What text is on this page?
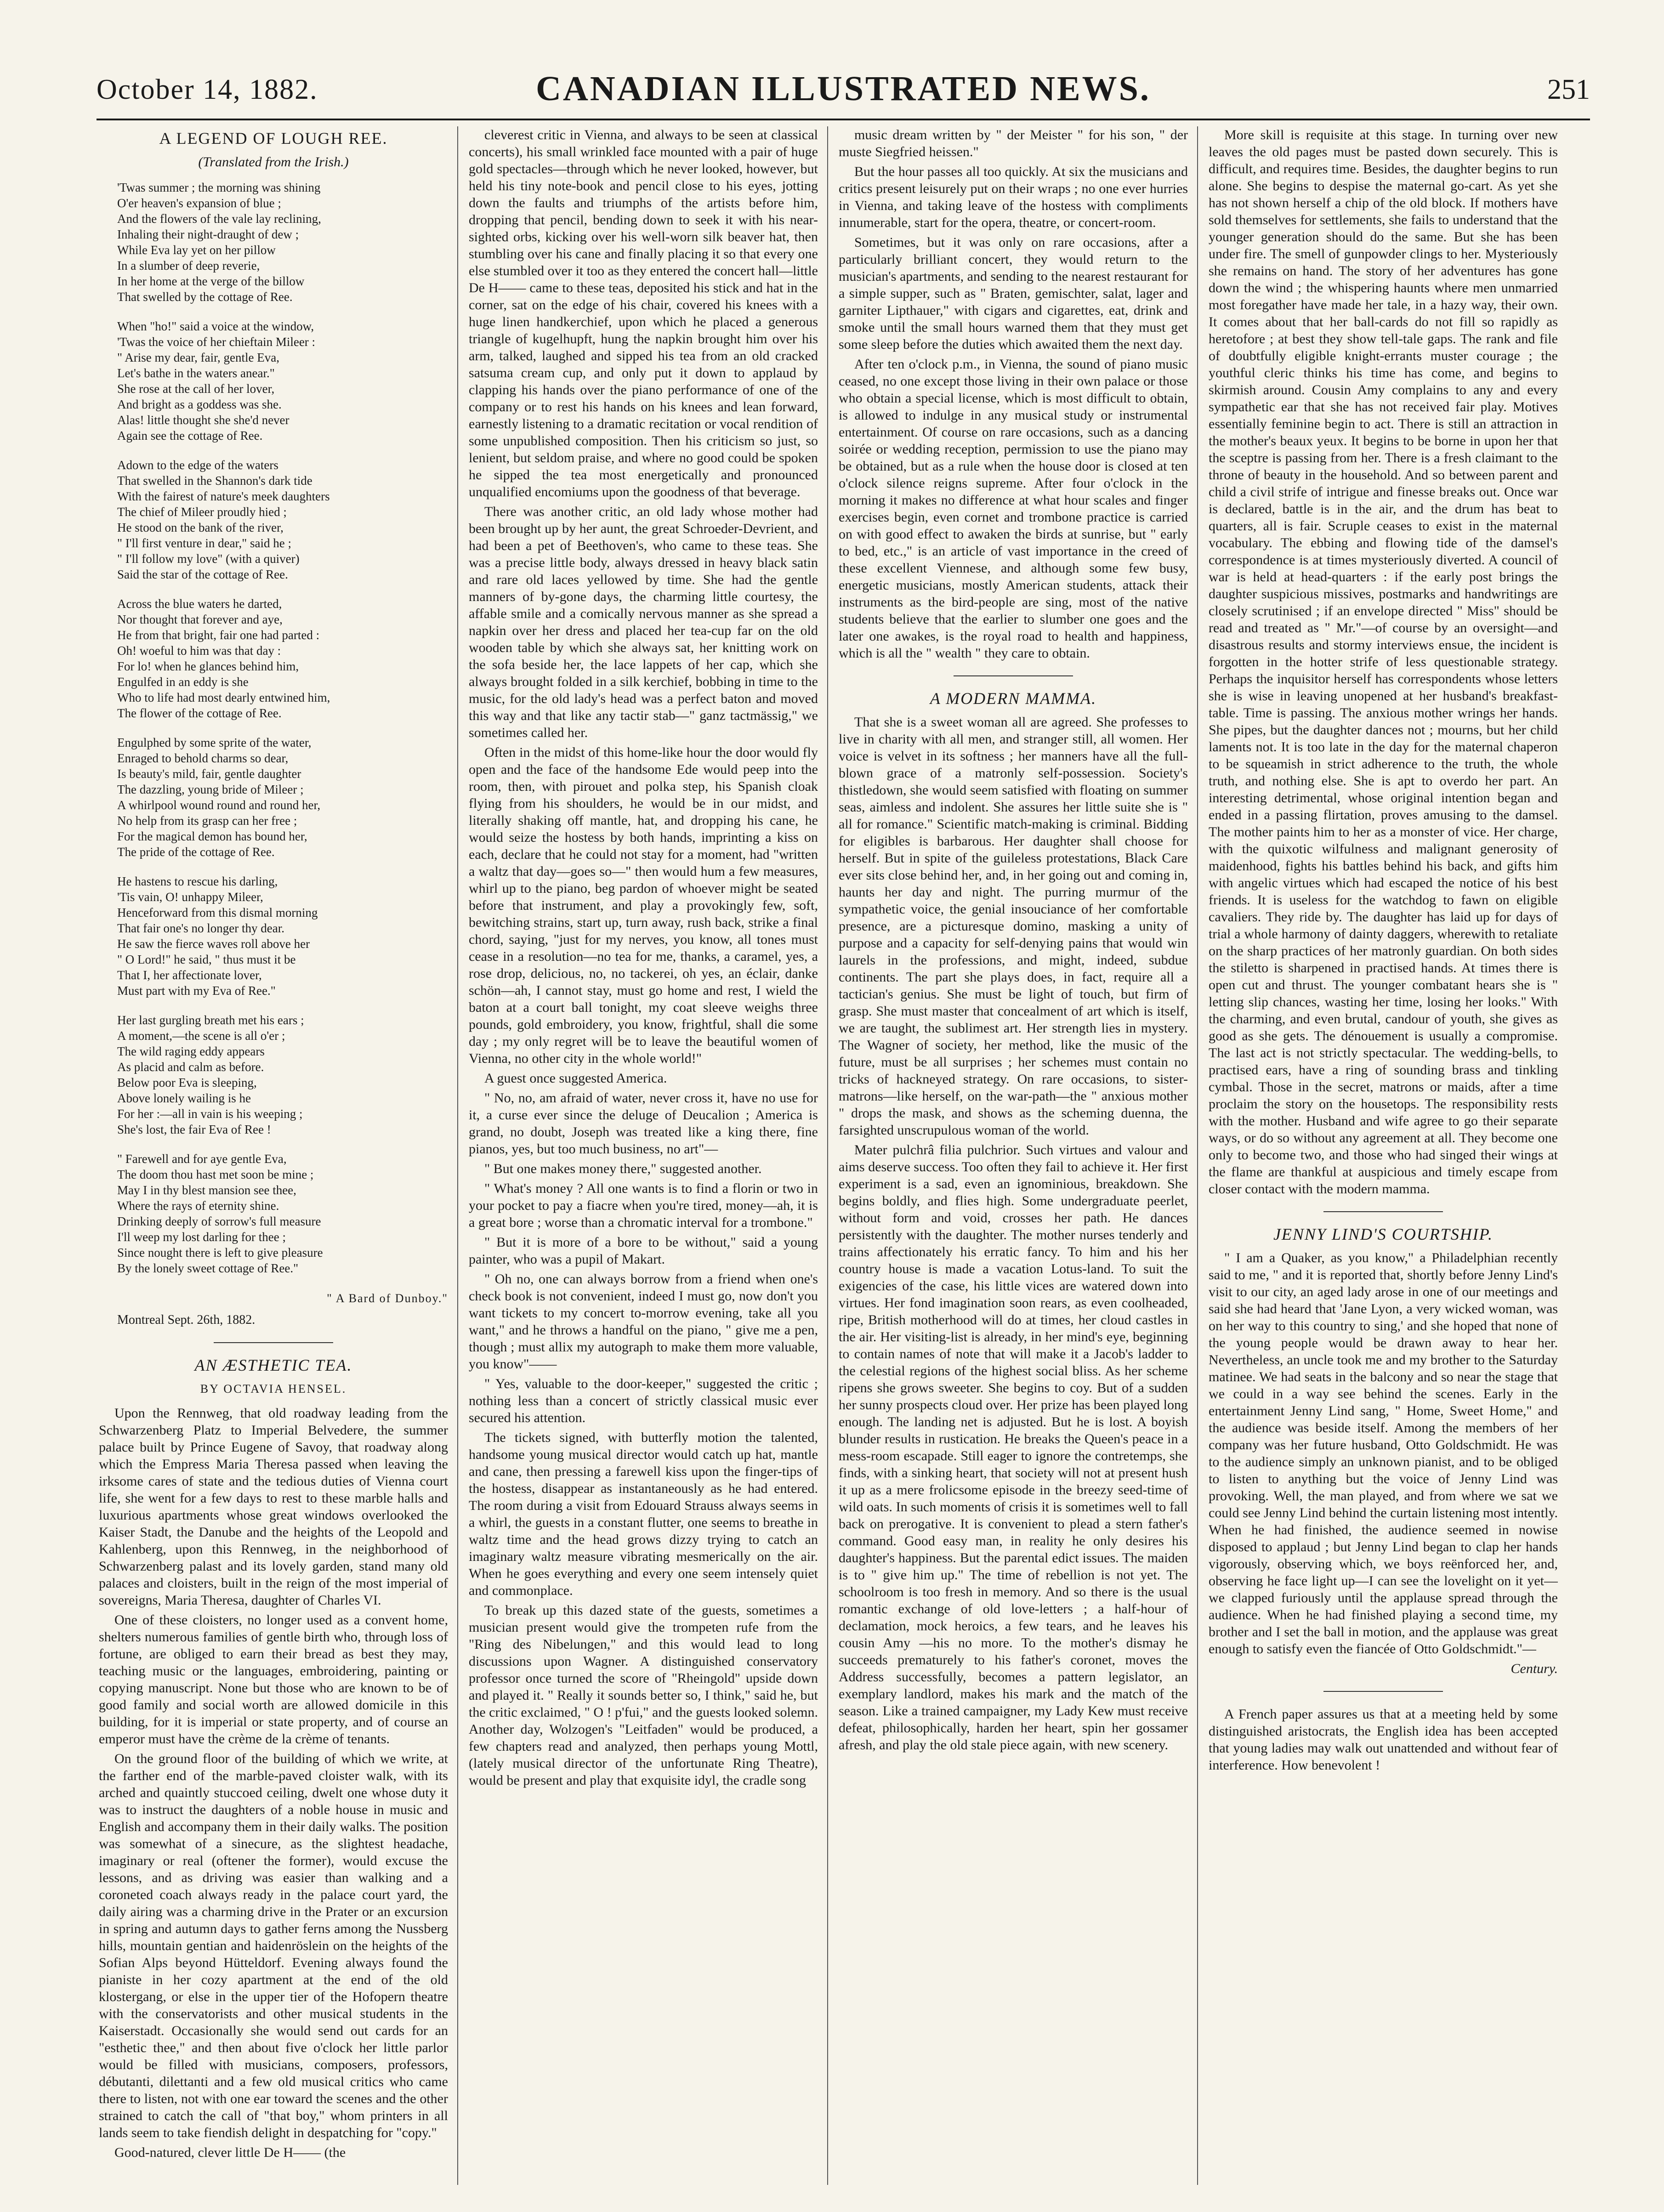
October 14, 1882.	CANADIAN ILLUSTRATED NEWS.	251
A LEGEND OF LOUGH REE.
(Translated from the Irish.)
'Twas summer ; the morning was shining
O'er heaven's expansion of blue ;
And the flowers of the vale lay reclining,
Inhaling their night-draught of dew ;
While Eva lay yet on her pillow
In a slumber of deep reverie,
In her home at the verge of the billow
That swelled by the cottage of Ree.
When "ho!" said a voice at the window,
'Twas the voice of her chieftain Mileer :
" Arise my dear, fair, gentle Eva,
Let's bathe in the waters anear."
She rose at the call of her lover,
And bright as a goddess was she.
Alas! little thought she she'd never
Again see the cottage of Ree.
Adown to the edge of the waters
That swelled in the Shannon's dark tide
With the fairest of nature's meek daughters
The chief of Mileer proudly hied ;
He stood on the bank of the river,
" I'll first venture in dear," said he ;
" I'll follow my love" (with a quiver)
Said the star of the cottage of Ree.
Across the blue waters he darted,
Nor thought that forever and aye,
He from that bright, fair one had parted :
Oh! woeful to him was that day :
For lo! when he glances behind him,
Engulfed in an eddy is she
Who to life had most dearly entwined him,
The flower of the cottage of Ree.
Engulphed by some sprite of the water,
Enraged to behold charms so dear,
Is beauty's mild, fair, gentle daughter
The dazzling, young bride of Mileer ;
A whirlpool wound round and round her,
No help from its grasp can her free ;
For the magical demon has bound her,
The pride of the cottage of Ree.
He hastens to rescue his darling,
'Tis vain, O! unhappy Mileer,
Henceforward from this dismal morning
That fair one's no longer thy dear.
He saw the fierce waves roll above her
" O Lord!" he said, " thus must it be
That I, her affectionate lover,
Must part with my Eva of Ree."
Her last gurgling breath met his ears ;
A moment,—the scene is all o'er ;
The wild raging eddy appears
As placid and calm as before.
Below poor Eva is sleeping,
Above lonely wailing is he
For her :—all in vain is his weeping ;
She's lost, the fair Eva of Ree !
" Farewell and for aye gentle Eva,
The doom thou hast met soon be mine ;
May I in thy blest mansion see thee,
Where the rays of eternity shine.
Drinking deeply of sorrow's full measure
I'll weep my lost darling for thee ;
Since nought there is left to give pleasure
By the lonely sweet cottage of Ree."
" A Bard of Dunboy."
Montreal Sept. 26th, 1882.
AN ÆSTHETIC TEA.
BY OCTAVIA HENSEL.

Upon the Rennweg, that old roadway leading from the Schwarzenberg Platz to Imperial Belvedere, the summer palace built by Prince Eugene of Savoy, that roadway along which the Empress Maria Theresa passed when leaving the irksome cares of state and the tedious duties of Vienna court life, she went for a few days to rest to these marble halls and luxurious apartments whose great windows overlooked the Kaiser Stadt, the Danube and the heights of the Leopold and Kahlenberg, upon this Rennweg, in the neighborhood of Schwarzenberg palast and its lovely garden, stand many old palaces and cloisters, built in the reign of the most imperial of sovereigns, Maria Theresa, daughter of Charles VI.

One of these cloisters, no longer used as a convent home, shelters numerous families of gentle birth who, through loss of fortune, are obliged to earn their bread as best they may, teaching music or the languages, embroidering, painting or copying manuscript. None but those who are known to be of good family and social worth are allowed domicile in this building, for it is imperial or state property, and of course an emperor must have the crème de la crème of tenants.

On the ground floor of the building of which we write, at the farther end of the marble-paved cloister walk, with its arched and quaintly stuccoed ceiling, dwelt one whose duty it was to instruct the daughters of a noble house in music and English and accompany them in their daily walks. The position was somewhat of a sinecure, as the slightest headache, imaginary or real (oftener the former), would excuse the lessons, and as driving was easier than walking and a coroneted coach always ready in the palace court yard, the daily airing was a charming drive in the Prater or an excursion in spring and autumn days to gather ferns among the Nussberg hills, mountain gentian and haidenröslein on the heights of the Sofian Alps beyond Hütteldorf. Evening always found the pianiste in her cozy apartment at the end of the old klostergang, or else in the upper tier of the Hofopern theatre with the conservatorists and other musical students in the Kaiserstadt. Occasionally she would send out cards for an "esthetic thee," and then about five o'clock her little parlor would be filled with musicians, composers, professors, débutanti, dilettanti and a few old musical critics who came there to listen, not with one ear toward the scenes and the other strained to catch the call of "that boy," whom printers in all lands seem to take fiendish delight in despatching for "copy."

Good-natured, clever little De H—— (the

cleverest critic in Vienna, and always to be seen at classical concerts), his small wrinkled face mounted with a pair of huge gold spectacles—through which he never looked, however, but held his tiny note-book and pencil close to his eyes, jotting down the faults and triumphs of the artists before him, dropping that pencil, bending down to seek it with his near-sighted orbs, kicking over his well-worn silk beaver hat, then stumbling over his cane and finally placing it so that every one else stumbled over it too as they entered the concert hall—little De H—— came to these teas, deposited his stick and hat in the corner, sat on the edge of his chair, covered his knees with a huge linen handkerchief, upon which he placed a generous triangle of kugelhupft, hung the napkin brought him over his arm, talked, laughed and sipped his tea from an old cracked satsuma cream cup, and only put it down to applaud by clapping his hands over the piano performance of one of the company or to rest his hands on his knees and lean forward, earnestly listening to a dramatic recitation or vocal rendition of some unpublished composition. Then his criticism so just, so lenient, but seldom praise, and where no good could be spoken he sipped the tea most energetically and pronounced unqualified encomiums upon the goodness of that beverage.

There was another critic, an old lady whose mother had been brought up by her aunt, the great Schroeder-Devrient, and had been a pet of Beethoven's, who came to these teas. She was a precise little body, always dressed in heavy black satin and rare old laces yellowed by time. She had the gentle manners of by-gone days, the charming little courtesy, the affable smile and a comically nervous manner as she spread a napkin over her dress and placed her tea-cup far on the old wooden table by which she always sat, her knitting work on the sofa beside her, the lace lappets of her cap, which she always brought folded in a silk kerchief, bobbing in time to the music, for the old lady's head was a perfect baton and moved this way and that like any tactir stab—" ganz tactmässig," we sometimes called her.

Often in the midst of this home-like hour the door would fly open and the face of the handsome Ede would peep into the room, then, with pirouet and polka step, his Spanish cloak flying from his shoulders, he would be in our midst, and literally shaking off mantle, hat, and dropping his cane, he would seize the hostess by both hands, imprinting a kiss on each, declare that he could not stay for a moment, had "written a waltz that day—goes so—" then would hum a few measures, whirl up to the piano, beg pardon of whoever might be seated before that instrument, and play a provokingly few, soft, bewitching strains, start up, turn away, rush back, strike a final chord, saying, "just for my nerves, you know, all tones must cease in a resolution—no tea for me, thanks, a caramel, yes, a rose drop, delicious, no, no tackerei, oh yes, an éclair, danke schön—ah, I cannot stay, must go home and rest, I wield the baton at a court ball tonight, my coat sleeve weighs three pounds, gold embroidery, you know, frightful, shall die some day ; my only regret will be to leave the beautiful women of Vienna, no other city in the whole world!"

A guest once suggested America.

" No, no, am afraid of water, never cross it, have no use for it, a curse ever since the deluge of Deucalion ; America is grand, no doubt, Joseph was treated like a king there, fine pianos, yes, but too much business, no art"—

" But one makes money there," suggested another.

" What's money ? All one wants is to find a florin or two in your pocket to pay a fiacre when you're tired, money—ah, it is a great bore ; worse than a chromatic interval for a trombone."

" But it is more of a bore to be without," said a young painter, who was a pupil of Makart.

" Oh no, one can always borrow from a friend when one's check book is not convenient, indeed I must go, now don't you want tickets to my concert to-morrow evening, take all you want," and he throws a handful on the piano, " give me a pen, though ; must allix my autograph to make them more valuable, you know"——

" Yes, valuable to the door-keeper," suggested the critic ; nothing less than a concert of strictly classical music ever secured his attention.

The tickets signed, with butterfly motion the talented, handsome young musical director would catch up hat, mantle and cane, then pressing a farewell kiss upon the finger-tips of the hostess, disappear as instantaneously as he had entered. The room during a visit from Edouard Strauss always seems in a whirl, the guests in a constant flutter, one seems to breathe in waltz time and the head grows dizzy trying to catch an imaginary waltz measure vibrating mesmerically on the air. When he goes everything and every one seem intensely quiet and commonplace.

To break up this dazed state of the guests, sometimes a musician present would give the trompeten rufe from the "Ring des Nibelungen," and this would lead to long discussions upon Wagner. A distinguished conservatory professor once turned the score of "Rheingold" upside down and played it. " Really it sounds better so, I think," said he, but the critic exclaimed, " O ! p'fui," and the guests looked solemn. Another day, Wolzogen's "Leitfaden" would be produced, a few chapters read and analyzed, then perhaps young Mottl, (lately musical director of the unfortunate Ring Theatre), would be present and play that exquisite idyl, the cradle song

music dream written by " der Meister " for his son, " der muste Siegfried heissen."

But the hour passes all too quickly. At six the musicians and critics present leisurely put on their wraps ; no one ever hurries in Vienna, and taking leave of the hostess with compliments innumerable, start for the opera, theatre, or concert-room.

Sometimes, but it was only on rare occasions, after a particularly brilliant concert, they would return to the musician's apartments, and sending to the nearest restaurant for a simple supper, such as " Braten, gemischter, salat, lager and garniter Lipthauer," with cigars and cigarettes, eat, drink and smoke until the small hours warned them that they must get some sleep before the duties which awaited them the next day.

After ten o'clock p.m., in Vienna, the sound of piano music ceased, no one except those living in their own palace or those who obtain a special license, which is most difficult to obtain, is allowed to indulge in any musical study or instrumental entertainment. Of course on rare occasions, such as a dancing soirée or wedding reception, permission to use the piano may be obtained, but as a rule when the house door is closed at ten o'clock silence reigns supreme. After four o'clock in the morning it makes no difference at what hour scales and finger exercises begin, even cornet and trombone practice is carried on with good effect to awaken the birds at sunrise, but " early to bed, etc.," is an article of vast importance in the creed of these excellent Viennese, and although some few busy, energetic musicians, mostly American students, attack their instruments as the bird-people are sing, most of the native students believe that the earlier to slumber one goes and the later one awakes, is the royal road to health and happiness, which is all the " wealth " they care to obtain.

A MODERN MAMMA.

That she is a sweet woman all are agreed. She professes to live in charity with all men, and stranger still, all women. Her voice is velvet in its softness ; her manners have all the full-blown grace of a matronly self-possession. Society's thistledown, she would seem satisfied with floating on summer seas, aimless and indolent. She assures her little suite she is " all for romance." Scientific match-making is criminal. Bidding for eligibles is barbarous. Her daughter shall choose for herself. But in spite of the guileless protestations, Black Care ever sits close behind her, and, in her going out and coming in, haunts her day and night. The purring murmur of the sympathetic voice, the genial insouciance of her comfortable presence, are a picturesque domino, masking a unity of purpose and a capacity for self-denying pains that would win laurels in the professions, and might, indeed, subdue continents. The part she plays does, in fact, require all a tactician's genius. She must be light of touch, but firm of grasp. She must master that concealment of art which is itself, we are taught, the sublimest art. Her strength lies in mystery. The Wagner of society, her method, like the music of the future, must be all surprises ; her schemes must contain no tricks of hackneyed strategy. On rare occasions, to sister-matrons—like herself, on the war-path—the " anxious mother " drops the mask, and shows as the scheming duenna, the farsighted unscrupulous woman of the world.

Mater pulchrâ filia pulchrior. Such virtues and valour and aims deserve success. Too often they fail to achieve it. Her first experiment is a sad, even an ignominious, breakdown. She begins boldly, and flies high. Some undergraduate peerlet, without form and void, crosses her path. He dances persistently with the daughter. The mother nurses tenderly and trains affectionately his erratic fancy. To him and his her country house is made a vacation Lotus-land. To suit the exigencies of the case, his little vices are watered down into virtues. Her fond imagination soon rears, as even coolheaded, ripe, British motherhood will do at times, her cloud castles in the air. Her visiting-list is already, in her mind's eye, beginning to contain names of note that will make it a Jacob's ladder to the celestial regions of the highest social bliss. As her scheme ripens she grows sweeter. She begins to coy. But of a sudden her sunny prospects cloud over. Her prize has been played long enough. The landing net is adjusted. But he is lost. A boyish blunder results in rustication. He breaks the Queen's peace in a mess-room escapade. Still eager to ignore the contretemps, she finds, with a sinking heart, that society will not at present hush it up as a mere frolicsome episode in the breezy seed-time of wild oats. In such moments of crisis it is sometimes well to fall back on prerogative. It is convenient to plead a stern father's command. Good easy man, in reality he only desires his daughter's happiness. But the parental edict issues. The maiden is to " give him up." The time of rebellion is not yet. The schoolroom is too fresh in memory. And so there is the usual romantic exchange of old love-letters ; a half-hour of declamation, mock heroics, a few tears, and he leaves his cousin Amy —his no more. To the mother's dismay he succeeds prematurely to his father's coronet, moves the Address successfully, becomes a pattern legislator, an exemplary landlord, makes his mark and the match of the season. Like a trained campaigner, my Lady Kew must receive defeat, philosophically, harden her heart, spin her gossamer afresh, and play the old stale piece again, with new scenery.

More skill is requisite at this stage. In turning over new leaves the old pages must be pasted down securely. This is difficult, and requires time. Besides, the daughter begins to run alone. She begins to despise the maternal go-cart. As yet she has not shown herself a chip of the old block. If mothers have sold themselves for settlements, she fails to understand that the younger generation should do the same. But she has been under fire. The smell of gunpowder clings to her. Mysteriously she remains on hand. The story of her adventures has gone down the wind ; the whispering haunts where men unmarried most foregather have made her tale, in a hazy way, their own. It comes about that her ball-cards do not fill so rapidly as heretofore ; at best they show tell-tale gaps. The rank and file of doubtfully eligible knight-errants muster courage ; the youthful cleric thinks his time has come, and begins to skirmish around. Cousin Amy complains to any and every sympathetic ear that she has not received fair play. Motives essentially feminine begin to act. There is still an attraction in the mother's beaux yeux. It begins to be borne in upon her that the sceptre is passing from her. There is a fresh claimant to the throne of beauty in the household. And so between parent and child a civil strife of intrigue and finesse breaks out. Once war is declared, battle is in the air, and the drum has beat to quarters, all is fair. Scruple ceases to exist in the maternal vocabulary. The ebbing and flowing tide of the damsel's correspondence is at times mysteriously diverted. A council of war is held at head-quarters : if the early post brings the daughter suspicious missives, postmarks and handwritings are closely scrutinised ; if an envelope directed " Miss" should be read and treated as " Mr."—of course by an oversight—and disastrous results and stormy interviews ensue, the incident is forgotten in the hotter strife of less questionable strategy. Perhaps the inquisitor herself has correspondents whose letters she is wise in leaving unopened at her husband's breakfast-table. Time is passing. The anxious mother wrings her hands. She pipes, but the daughter dances not ; mourns, but her child laments not. It is too late in the day for the maternal chaperon to be squeamish in strict adherence to the truth, the whole truth, and nothing else. She is apt to overdo her part. An interesting detrimental, whose original intention began and ended in a passing flirtation, proves amusing to the damsel. The mother paints him to her as a monster of vice. Her charge, with the quixotic wilfulness and malignant generosity of maidenhood, fights his battles behind his back, and gifts him with angelic virtues which had escaped the notice of his best friends. It is useless for the watchdog to fawn on eligible cavaliers. They ride by. The daughter has laid up for days of trial a whole harmony of dainty daggers, wherewith to retaliate on the sharp practices of her matronly guardian. On both sides the stiletto is sharpened in practised hands. At times there is open cut and thrust. The younger combatant hears she is " letting slip chances, wasting her time, losing her looks." With the charming, and even brutal, candour of youth, she gives as good as she gets. The dénouement is usually a compromise. The last act is not strictly spectacular. The wedding-bells, to practised ears, have a ring of sounding brass and tinkling cymbal. Those in the secret, matrons or maids, after a time proclaim the story on the housetops. The responsibility rests with the mother. Husband and wife agree to go their separate ways, or do so without any agreement at all. They become one only to become two, and those who had singed their wings at the flame are thankful at auspicious and timely escape from closer contact with the modern mamma.

JENNY LIND'S COURTSHIP.

" I am a Quaker, as you know," a Philadelphian recently said to me, " and it is reported that, shortly before Jenny Lind's visit to our city, an aged lady arose in one of our meetings and said she had heard that 'Jane Lyon, a very wicked woman, was on her way to this country to sing,' and she hoped that none of the young people would be drawn away to hear her. Nevertheless, an uncle took me and my brother to the Saturday matinee. We had seats in the balcony and so near the stage that we could in a way see behind the scenes. Early in the entertainment Jenny Lind sang, " Home, Sweet Home," and the audience was beside itself. Among the members of her company was her future husband, Otto Goldschmidt. He was to the audience simply an unknown pianist, and to be obliged to listen to anything but the voice of Jenny Lind was provoking. Well, the man played, and from where we sat we could see Jenny Lind behind the curtain listening most intently. When he had finished, the audience seemed in nowise disposed to applaud ; but Jenny Lind began to clap her hands vigorously, observing which, we boys reënforced her, and, observing he face light up—I can see the lovelight on it yet—we clapped furiously until the applause spread through the audience. When he had finished playing a second time, my brother and I set the ball in motion, and the applause was great enough to satisfy even the fiancée of Otto Goldschmidt."—

Century.

A French paper assures us that at a meeting held by some distinguished aristocrats, the English idea has been accepted that young ladies may walk out unattended and without fear of interference. How benevolent !
